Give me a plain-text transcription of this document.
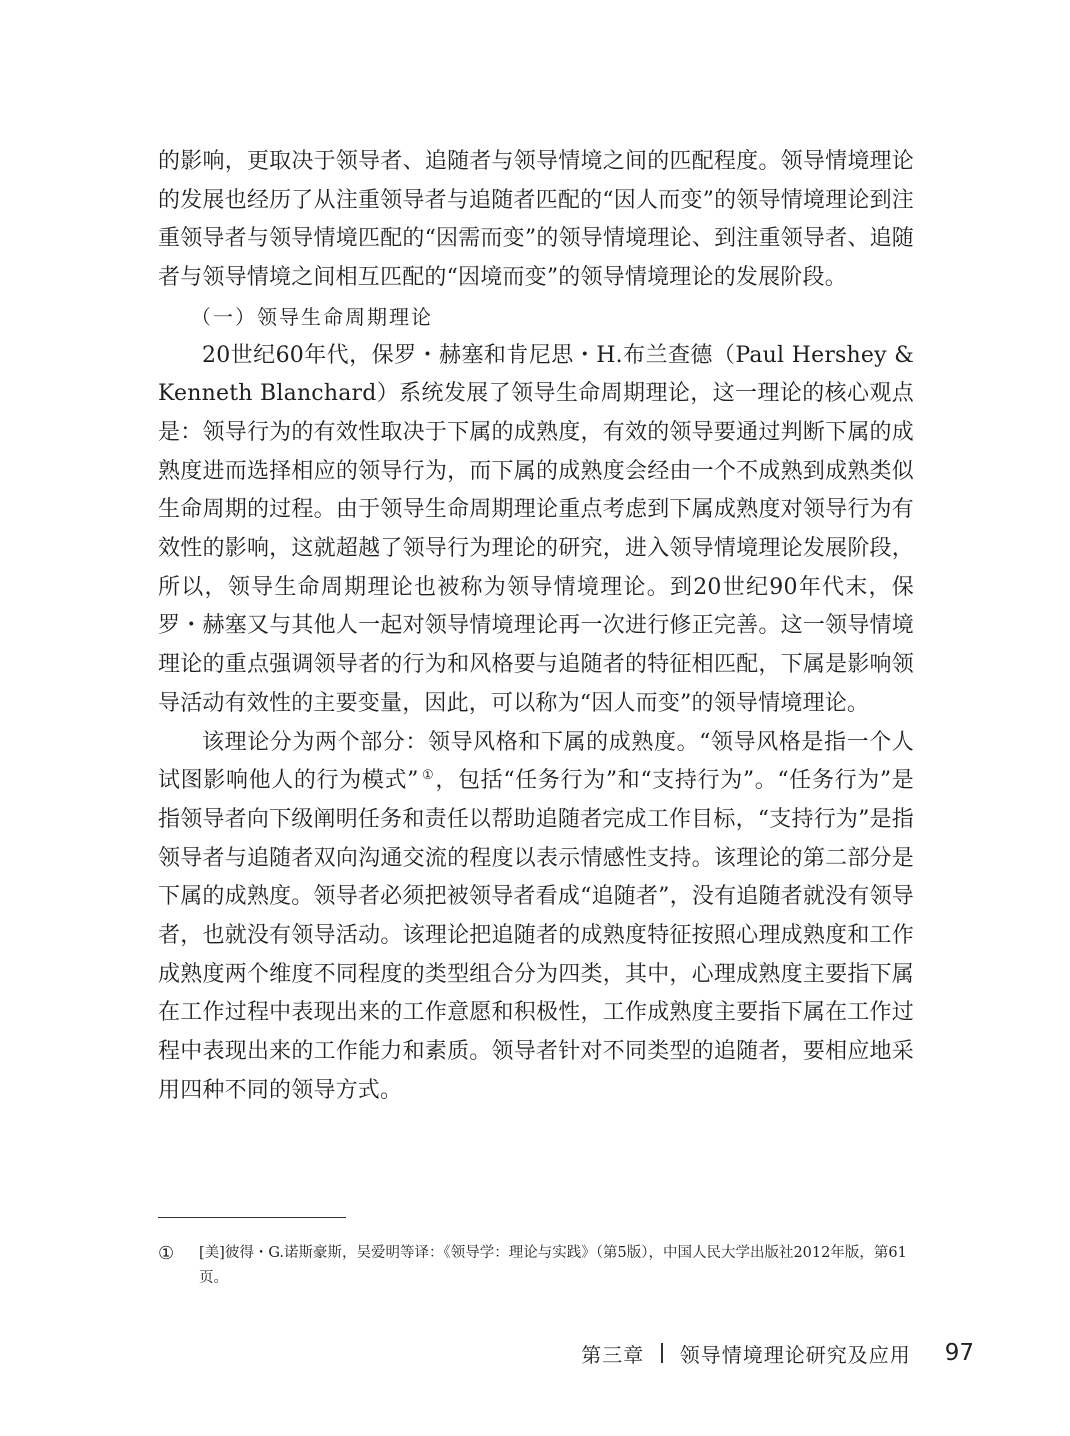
的影响，更取决于领导者、追随者与领导情境之间的匹配程度。领导情境理论的发展也经历了从注重领导者与追随者匹配的“因人而变”的领导情境理论到注重领导者与领导情境匹配的“因需而变”的领导情境理论、到注重领导者、追随者与领导情境之间相互匹配的“因境而变”的领导情境理论的发展阶段。

（一）领导生命周期理论

20世纪60年代，保罗・赫塞和肯尼思・H.布兰查德（Paul Hershey & Kenneth Blanchard）系统发展了领导生命周期理论，这一理论的核心观点是：领导行为的有效性取决于下属的成熟度，有效的领导要通过判断下属的成熟度进而选择相应的领导行为，而下属的成熟度会经由一个不成熟到成熟类似生命周期的过程。由于领导生命周期理论重点考虑到下属成熟度对领导行为有效性的影响，这就超越了领导行为理论的研究，进入领导情境理论发展阶段，所以，领导生命周期理论也被称为领导情境理论。到20世纪90年代末，保罗・赫塞又与其他人一起对领导情境理论再一次进行修正完善。这一领导情境理论的重点强调领导者的行为和风格要与追随者的特征相匹配，下属是影响领导活动有效性的主要变量，因此，可以称为“因人而变”的领导情境理论。

该理论分为两个部分：领导风格和下属的成熟度。“领导风格是指一个人试图影响他人的行为模式” ①，包括“任务行为”和“支持行为”。“任务行为”是指领导者向下级阐明任务和责任以帮助追随者完成工作目标，“支持行为”是指领导者与追随者双向沟通交流的程度以表示情感性支持。该理论的第二部分是下属的成熟度。领导者必须把被领导者看成“追随者”，没有追随者就没有领导者，也就没有领导活动。该理论把追随者的成熟度特征按照心理成熟度和工作成熟度两个维度不同程度的类型组合分为四类，其中，心理成熟度主要指下属在工作过程中表现出来的工作意愿和积极性，工作成熟度主要指下属在工作过程中表现出来的工作能力和素质。领导者针对不同类型的追随者，要相应地采用四种不同的领导方式。

① [美]彼得・G.诺斯豪斯，吴爱明等译：《领导学：理论与实践》（第5版），中国人民大学出版社2012年版，第61页。
第三章 领导情境理论研究及应用 97
